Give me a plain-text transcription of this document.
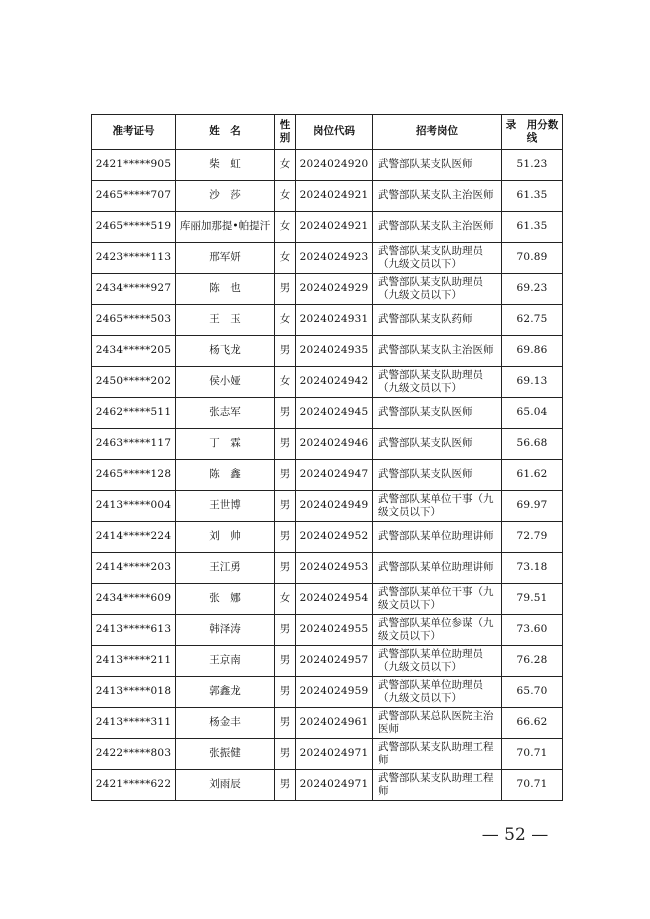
准考证号	姓　名	性别	岗位代码	招考岗位	录　用分数线
2421*****905	柴　虹	女	2024024920	武警部队某支队医师	51.23
2465*****707	沙　莎	女	2024024921	武警部队某支队主治医师	61.35
2465*****519	库丽加那提•帕提汗	女	2024024921	武警部队某支队主治医师	61.35
2423*****113	邢军妍	女	2024024923	武警部队某支队助理员（九级文员以下）	70.89
2434*****927	陈　也	男	2024024929	武警部队某支队助理员（九级文员以下）	69.23
2465*****503	王　玉	女	2024024931	武警部队某支队药师	62.75
2434*****205	杨飞龙	男	2024024935	武警部队某支队主治医师	69.86
2450*****202	侯小娅	女	2024024942	武警部队某支队助理员（九级文员以下）	69.13
2462*****511	张志军	男	2024024945	武警部队某支队医师	65.04
2463*****117	丁　霖	男	2024024946	武警部队某支队医师	56.68
2465*****128	陈　鑫	男	2024024947	武警部队某支队医师	61.62
2413*****004	王世博	男	2024024949	武警部队某单位干事（九级文员以下）	69.97
2414*****224	刘　帅	男	2024024952	武警部队某单位助理讲师	72.79
2414*****203	王江勇	男	2024024953	武警部队某单位助理讲师	73.18
2434*****609	张　娜	女	2024024954	武警部队某单位干事（九级文员以下）	79.51
2413*****613	韩泽涛	男	2024024955	武警部队某单位参谋（九级文员以下）	73.60
2413*****211	王京南	男	2024024957	武警部队某单位助理员（九级文员以下）	76.28
2413*****018	郭鑫龙	男	2024024959	武警部队某单位助理员（九级文员以下）	65.70
2413*****311	杨金丰	男	2024024961	武警部队某总队医院主治医师	66.62
2422*****803	张振健	男	2024024971	武警部队某支队助理工程师	70.71
2421*****622	刘雨辰	男	2024024971	武警部队某支队助理工程师	70.71
— 52 —
